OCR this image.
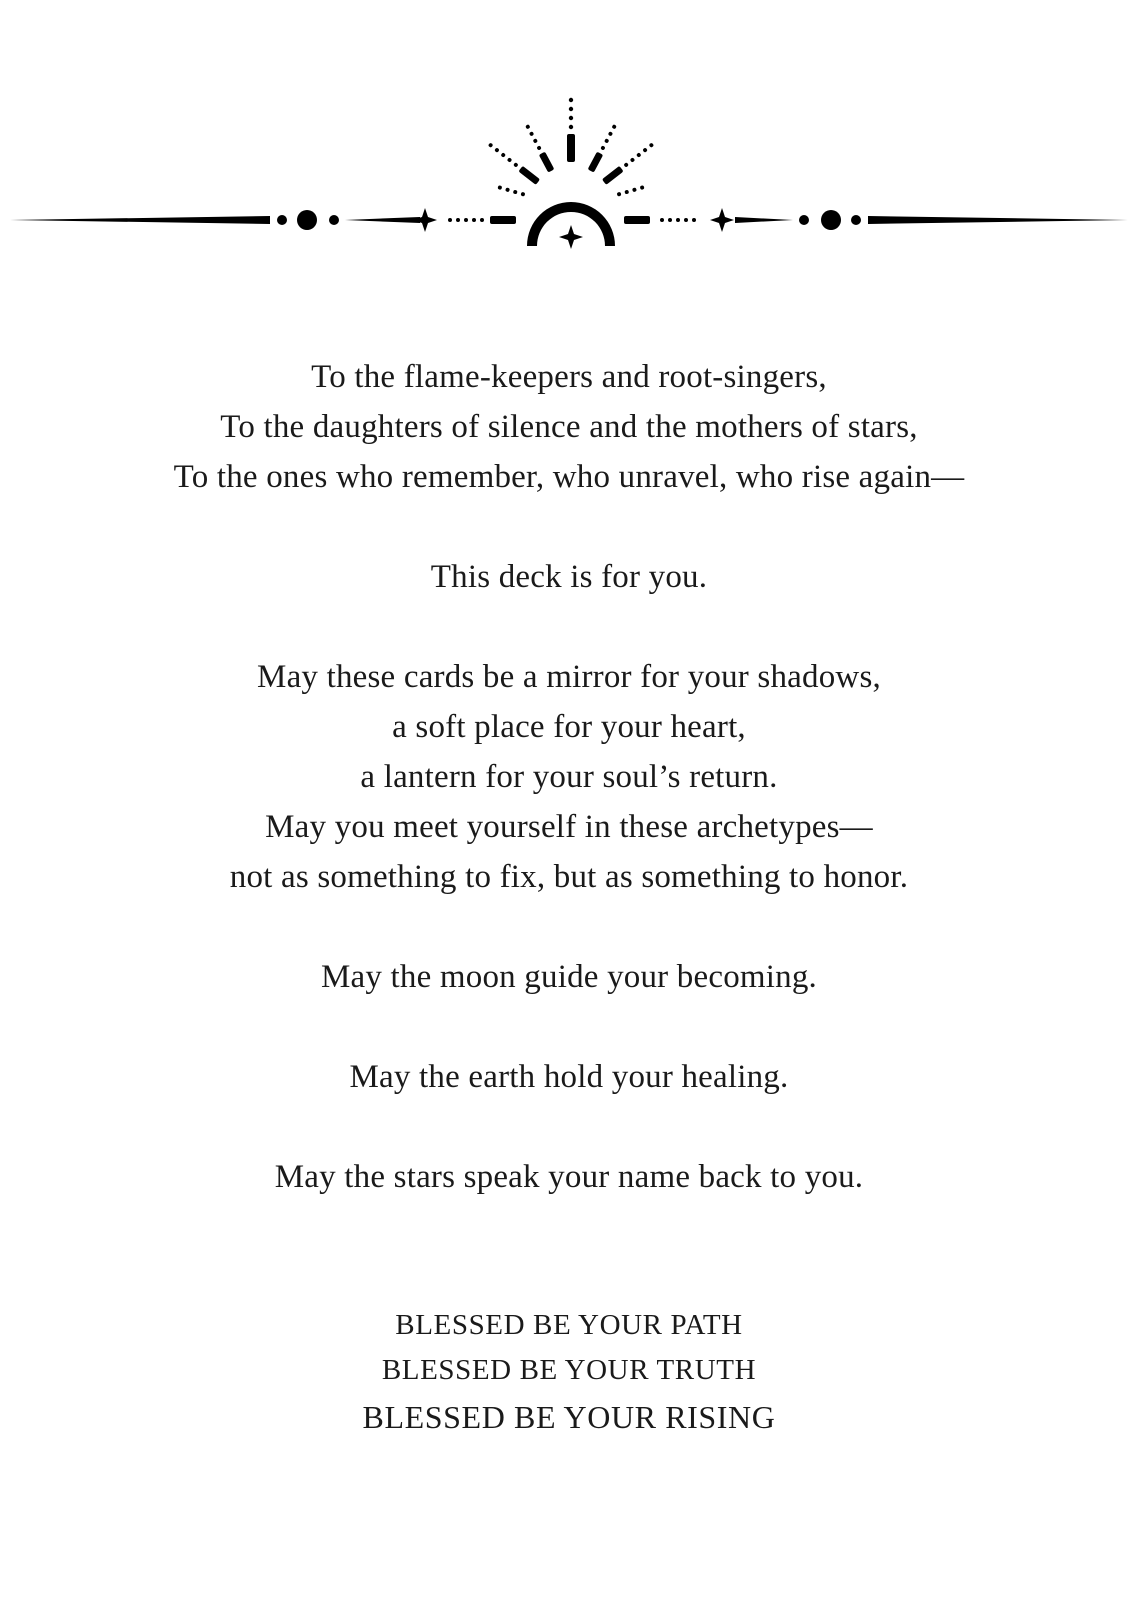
To the flame-keepers and root-singers,
To the daughters of silence and the mothers of stars,
To the ones who remember, who unravel, who rise again—
This deck is for you.
May these cards be a mirror for your shadows,
a soft place for your heart,
a lantern for your soul’s return.
May you meet yourself in these archetypes—
not as something to fix, but as something to honor.
May the moon guide your becoming.
May the earth hold your healing.
May the stars speak your name back to you.
BLESSED BE YOUR PATH
BLESSED BE YOUR TRUTH
BLESSED BE YOUR RISING
